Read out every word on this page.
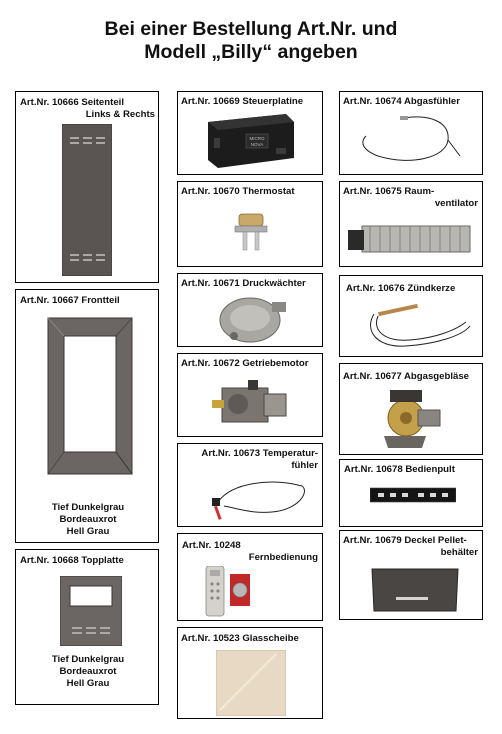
Bei einer Bestellung Art.Nr. und
Modell „Billy“ angeben
Art.Nr. 10666 Seitenteil
Links & Rechts
Art.Nr. 10667 Frontteil
Tief Dunkelgrau
Bordeauxrot
Hell Grau
Art.Nr. 10668 Topplatte
Tief Dunkelgrau
Bordeauxrot
Hell Grau
Art.Nr. 10669 Steuerplatine
MICRO
NOVA
Art.Nr. 10670 Thermostat
Art.Nr. 10671 Druckwächter
Art.Nr. 10672 Getriebemotor
Art.Nr. 10673 Temperatur-
fühler
Art.Nr. 10248
Fernbedienung
Art.Nr. 10523 Glasscheibe
Art.Nr. 10674 Abgasfühler
Art.Nr. 10675 Raum-
ventilator
Art.Nr. 10676 Zündkerze
Art.Nr. 10677 Abgasgebläse
Art.Nr. 10678 Bedienpult
Art.Nr. 10679 Deckel Pellet-
behälter
